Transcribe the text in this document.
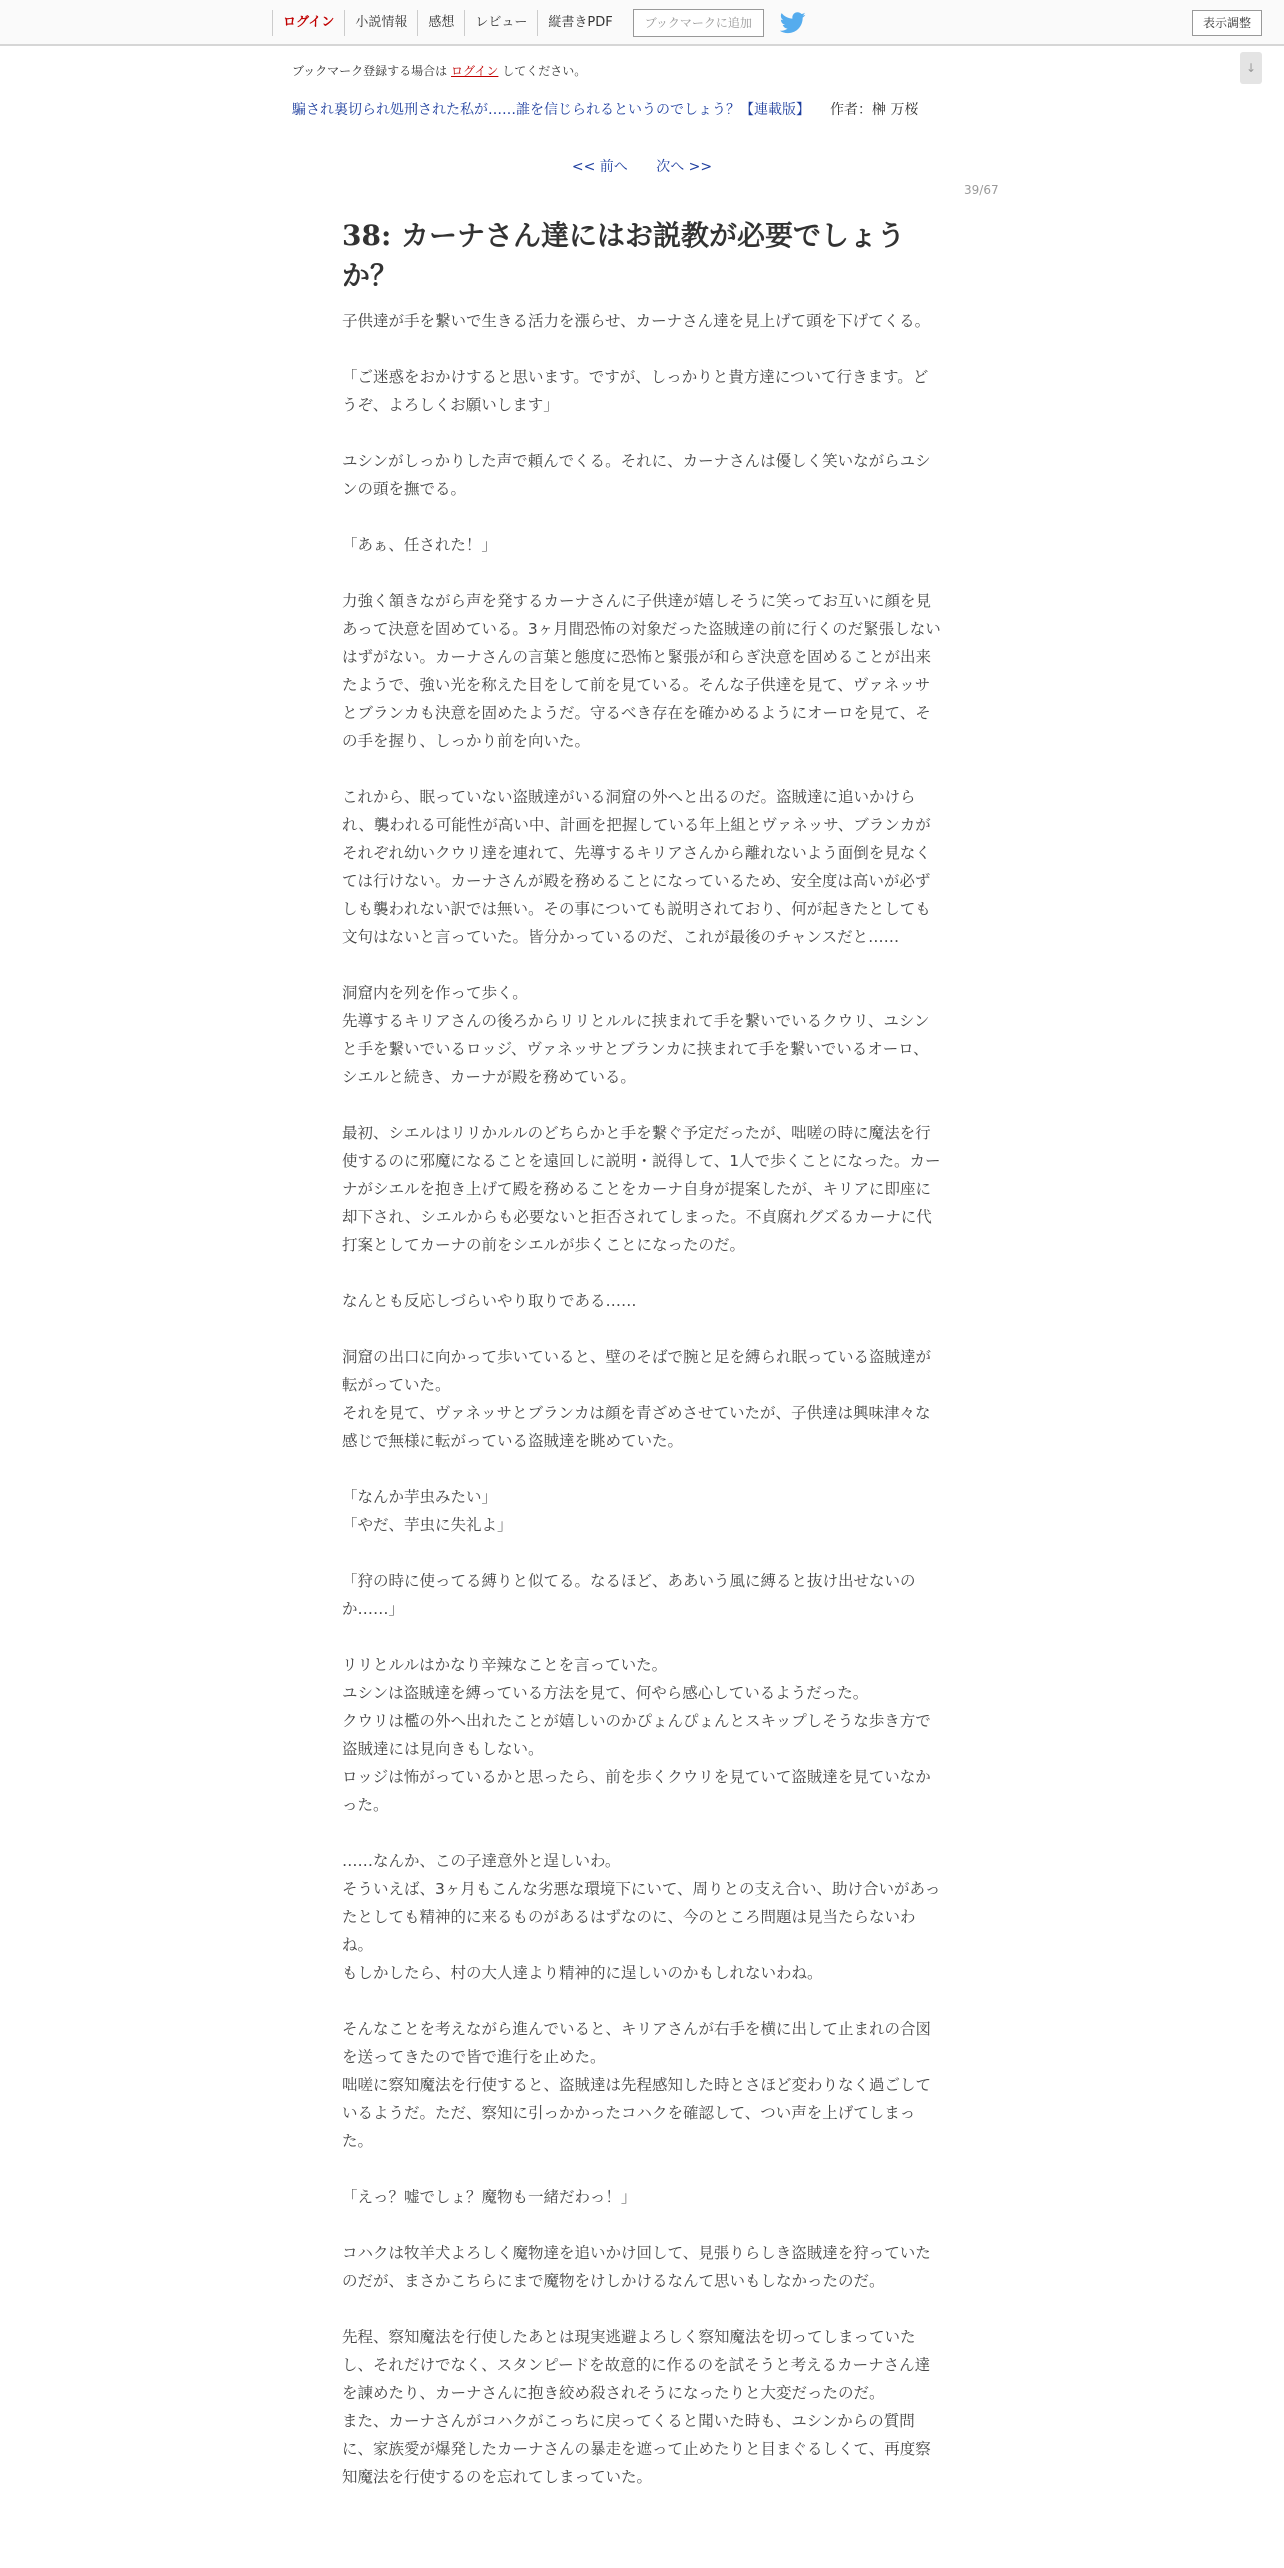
ログイン	小説情報	感想	レビュー	縦書きPDF	ブックマークに追加	表示調整
↓
ブックマーク登録する場合は ログイン してください。
騙され裏切られ処刑された私が……誰を信じられるというのでしょう？【連載版】 作者：榊 万桜
<< 前へ 次へ >>
39/67
38: カーナさん達にはお説教が必要でしょうか？

子供達が手を繋いで生きる活力を漲らせ、カーナさん達を見上げて頭を下げてくる。

「ご迷惑をおかけすると思います。ですが、しっかりと貴方達について行きます。どうぞ、よろしくお願いします」

ユシンがしっかりした声で頼んでくる。それに、カーナさんは優しく笑いながらユシンの頭を撫でる。

「あぁ、任された！」

力強く頷きながら声を発するカーナさんに子供達が嬉しそうに笑ってお互いに顔を見あって決意を固めている。3ヶ月間恐怖の対象だった盗賊達の前に行くのだ緊張しないはずがない。カーナさんの言葉と態度に恐怖と緊張が和らぎ決意を固めることが出来たようで、強い光を称えた目をして前を見ている。そんな子供達を見て、ヴァネッサとブランカも決意を固めたようだ。守るべき存在を確かめるようにオーロを見て、その手を握り、しっかり前を向いた。

これから、眠っていない盗賊達がいる洞窟の外へと出るのだ。盗賊達に追いかけられ、襲われる可能性が高い中、計画を把握している年上組とヴァネッサ、ブランカがそれぞれ幼いクウリ達を連れて、先導するキリアさんから離れないよう面倒を見なくては行けない。カーナさんが殿を務めることになっているため、安全度は高いが必ずしも襲われない訳では無い。その事についても説明されており、何が起きたとしても文句はないと言っていた。皆分かっているのだ、これが最後のチャンスだと……

洞窟内を列を作って歩く。
先導するキリアさんの後ろからリリとルルに挟まれて手を繋いでいるクウリ、ユシンと手を繋いでいるロッジ、ヴァネッサとブランカに挟まれて手を繋いでいるオーロ、シエルと続き、カーナが殿を務めている。

最初、シエルはリリかルルのどちらかと手を繋ぐ予定だったが、咄嗟の時に魔法を行使するのに邪魔になることを遠回しに説明・説得して、1人で歩くことになった。カーナがシエルを抱き上げて殿を務めることをカーナ自身が提案したが、キリアに即座に却下され、シエルからも必要ないと拒否されてしまった。不貞腐れグズるカーナに代打案としてカーナの前をシエルが歩くことになったのだ。

なんとも反応しづらいやり取りである……

洞窟の出口に向かって歩いていると、壁のそばで腕と足を縛られ眠っている盗賊達が転がっていた。
それを見て、ヴァネッサとブランカは顔を青ざめさせていたが、子供達は興味津々な感じで無様に転がっている盗賊達を眺めていた。

「なんか芋虫みたい」
「やだ、芋虫に失礼よ」

「狩の時に使ってる縛りと似てる。なるほど、ああいう風に縛ると抜け出せないのか……」

リリとルルはかなり辛辣なことを言っていた。
ユシンは盗賊達を縛っている方法を見て、何やら感心しているようだった。
クウリは檻の外へ出れたことが嬉しいのかぴょんぴょんとスキップしそうな歩き方で盗賊達には見向きもしない。
ロッジは怖がっているかと思ったら、前を歩くクウリを見ていて盗賊達を見ていなかった。

……なんか、この子達意外と逞しいわ。
そういえば、3ヶ月もこんな劣悪な環境下にいて、周りとの支え合い、助け合いがあったとしても精神的に来るものがあるはずなのに、今のところ問題は見当たらないわね。
もしかしたら、村の大人達より精神的に逞しいのかもしれないわね。

そんなことを考えながら進んでいると、キリアさんが右手を横に出して止まれの合図を送ってきたので皆で進行を止めた。
咄嗟に察知魔法を行使すると、盗賊達は先程感知した時とさほど変わりなく過ごしているようだ。ただ、察知に引っかかったコハクを確認して、つい声を上げてしまった。

「えっ？嘘でしょ？魔物も一緒だわっ！」

コハクは牧羊犬よろしく魔物達を追いかけ回して、見張りらしき盗賊達を狩っていたのだが、まさかこちらにまで魔物をけしかけるなんて思いもしなかったのだ。

先程、察知魔法を行使したあとは現実逃避よろしく察知魔法を切ってしまっていたし、それだけでなく、スタンピードを故意的に作るのを試そうと考えるカーナさん達を諌めたり、カーナさんに抱き絞め殺されそうになったりと大変だったのだ。
また、カーナさんがコハクがこっちに戻ってくると聞いた時も、ユシンからの質問に、家族愛が爆発したカーナさんの暴走を遮って止めたりと目まぐるしくて、再度察知魔法を行使するのを忘れてしまっていた。
